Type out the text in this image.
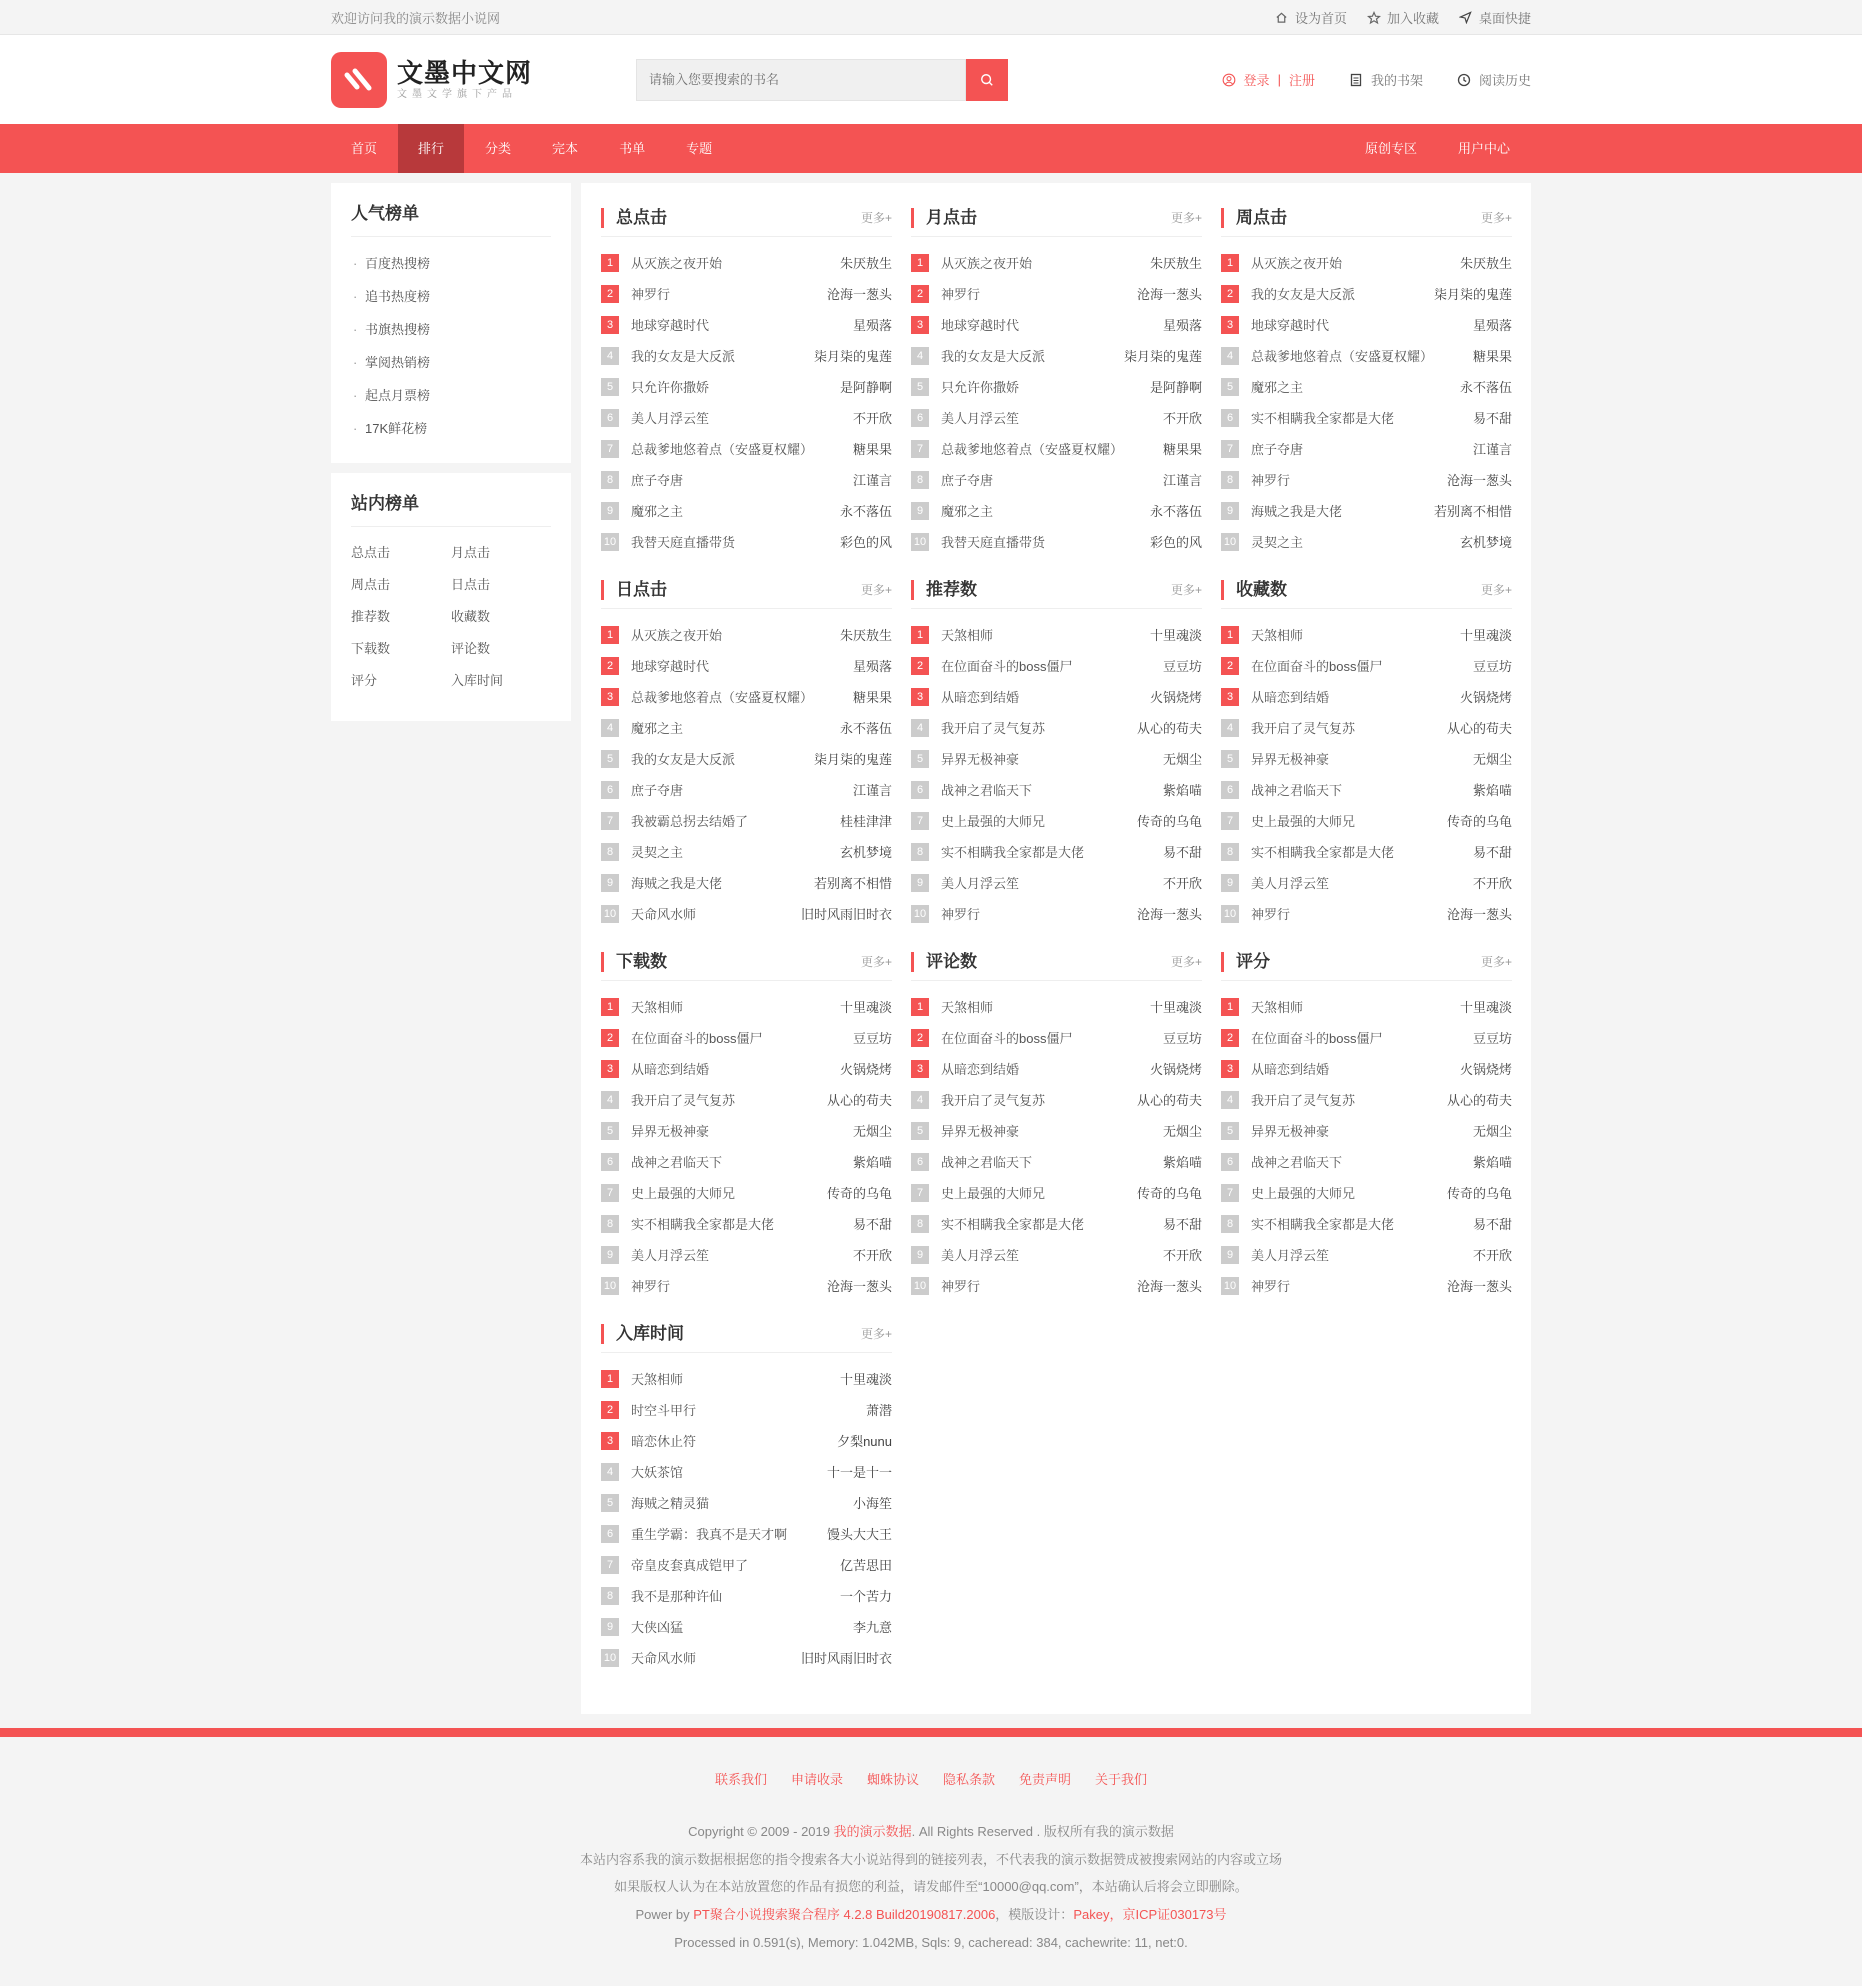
欢迎访问我的演示数据小说网	设为首页	加入收藏	桌面快捷
文墨中文网
文墨文学旗下产品
请输入您要搜索的书名
登录 | 注册	我的书架	阅读历史
首页	排行	分类	完本	书单	专题	原创专区	用户中心
人气榜单
· 百度热搜榜
· 追书热度榜
· 书旗热搜榜
· 掌阅热销榜
· 起点月票榜
· 17K鲜花榜
站内榜单
总点击	月点击
周点击	日点击
推荐数	收藏数
下载数	评论数
评分	入库时间
总点击	更多+
1	从灭族之夜开始	朱厌敖生
2	神罗行	沧海一葱头
3	地球穿越时代	星殒落
4	我的女友是大反派	柒月柒的鬼莲
5	只允许你撒娇	是阿静啊
6	美人月浮云笙	不开欣
7	总裁爹地悠着点（安盛夏权耀）	糖果果
8	庶子夺唐	江谨言
9	魔邪之主	永不落伍
10 我替天庭直播带货	彩色的风
月点击	更多+
1	从灭族之夜开始	朱厌敖生
2	神罗行	沧海一葱头
3	地球穿越时代	星殒落
4	我的女友是大反派	柒月柒的鬼莲
5	只允许你撒娇	是阿静啊
6	美人月浮云笙	不开欣
7	总裁爹地悠着点（安盛夏权耀）	糖果果
8	庶子夺唐	江谨言
9	魔邪之主	永不落伍
10 我替天庭直播带货	彩色的风
周点击	更多+
1	从灭族之夜开始	朱厌敖生
2	我的女友是大反派	柒月柒的鬼莲
3	地球穿越时代	星殒落
4	总裁爹地悠着点（安盛夏权耀）	糖果果
5	魔邪之主	永不落伍
6	实不相瞒我全家都是大佬	易不甜
7	庶子夺唐	江谨言
8	神罗行	沧海一葱头
9	海贼之我是大佬	若别离不相惜
10 灵契之主	玄机梦境
日点击	更多+
1	从灭族之夜开始	朱厌敖生
2	地球穿越时代	星殒落
3	总裁爹地悠着点（安盛夏权耀）	糖果果
4	魔邪之主	永不落伍
5	我的女友是大反派	柒月柒的鬼莲
6	庶子夺唐	江谨言
7	我被霸总拐去结婚了	桂桂津津
8	灵契之主	玄机梦境
9	海贼之我是大佬	若别离不相惜
10 天命风水师	旧时风雨旧时衣
推荐数	更多+
1	天煞相师	十里魂淡
2	在位面奋斗的boss僵尸	豆豆坊
3	从暗恋到结婚	火锅烧烤
4	我开启了灵气复苏	从心的苟夫
5	异界无极神豪	无烟尘
6	战神之君临天下	紫焰喵
7	史上最强的大师兄	传奇的乌龟
8	实不相瞒我全家都是大佬	易不甜
9	美人月浮云笙	不开欣
10 神罗行	沧海一葱头
收藏数	更多+
1	天煞相师	十里魂淡
2	在位面奋斗的boss僵尸	豆豆坊
3	从暗恋到结婚	火锅烧烤
4	我开启了灵气复苏	从心的苟夫
5	异界无极神豪	无烟尘
6	战神之君临天下	紫焰喵
7	史上最强的大师兄	传奇的乌龟
8	实不相瞒我全家都是大佬	易不甜
9	美人月浮云笙	不开欣
10 神罗行	沧海一葱头
下载数	更多+
1	天煞相师	十里魂淡
2	在位面奋斗的boss僵尸	豆豆坊
3	从暗恋到结婚	火锅烧烤
4	我开启了灵气复苏	从心的苟夫
5	异界无极神豪	无烟尘
6	战神之君临天下	紫焰喵
7	史上最强的大师兄	传奇的乌龟
8	实不相瞒我全家都是大佬	易不甜
9	美人月浮云笙	不开欣
10 神罗行	沧海一葱头
评论数	更多+
1	天煞相师	十里魂淡
2	在位面奋斗的boss僵尸	豆豆坊
3	从暗恋到结婚	火锅烧烤
4	我开启了灵气复苏	从心的苟夫
5	异界无极神豪	无烟尘
6	战神之君临天下	紫焰喵
7	史上最强的大师兄	传奇的乌龟
8	实不相瞒我全家都是大佬	易不甜
9	美人月浮云笙	不开欣
10 神罗行	沧海一葱头
评分	更多+
1	天煞相师	十里魂淡
2	在位面奋斗的boss僵尸	豆豆坊
3	从暗恋到结婚	火锅烧烤
4	我开启了灵气复苏	从心的苟夫
5	异界无极神豪	无烟尘
6	战神之君临天下	紫焰喵
7	史上最强的大师兄	传奇的乌龟
8	实不相瞒我全家都是大佬	易不甜
9	美人月浮云笙	不开欣
10 神罗行	沧海一葱头
入库时间	更多+
1	天煞相师	十里魂淡
2	时空斗甲行	萧潜
3	暗恋休止符	夕梨nunu
4	大妖茶馆	十一是十一
5	海贼之精灵猫	小海笙
6	重生学霸：我真不是天才啊	馒头大大王
7	帝皇皮套真成铠甲了	亿苦思田
8	我不是那种许仙	一个苦力
9	大侠凶猛	李九意
10 天命风水师	旧时风雨旧时衣
联系我们 申请收录 蜘蛛协议 隐私条款 免责声明 关于我们
Copyright © 2009 - 2019 我的演示数据. All Rights Reserved . 版权所有我的演示数据
本站内容系我的演示数据根据您的指令搜索各大小说站得到的链接列表，不代表我的演示数据赞成被搜索网站的内容或立场
如果版权人认为在本站放置您的作品有损您的利益，请发邮件至“10000@qq.com”，本站确认后将会立即删除。
Power by PT聚合小说搜索聚合程序 4.2.8 Build20190817.2006，模版设计：Pakey，京ICP证030173号
Processed in 0.591(s), Memory: 1.042MB, Sqls: 9, cacheread: 384, cachewrite: 11, net:0.
